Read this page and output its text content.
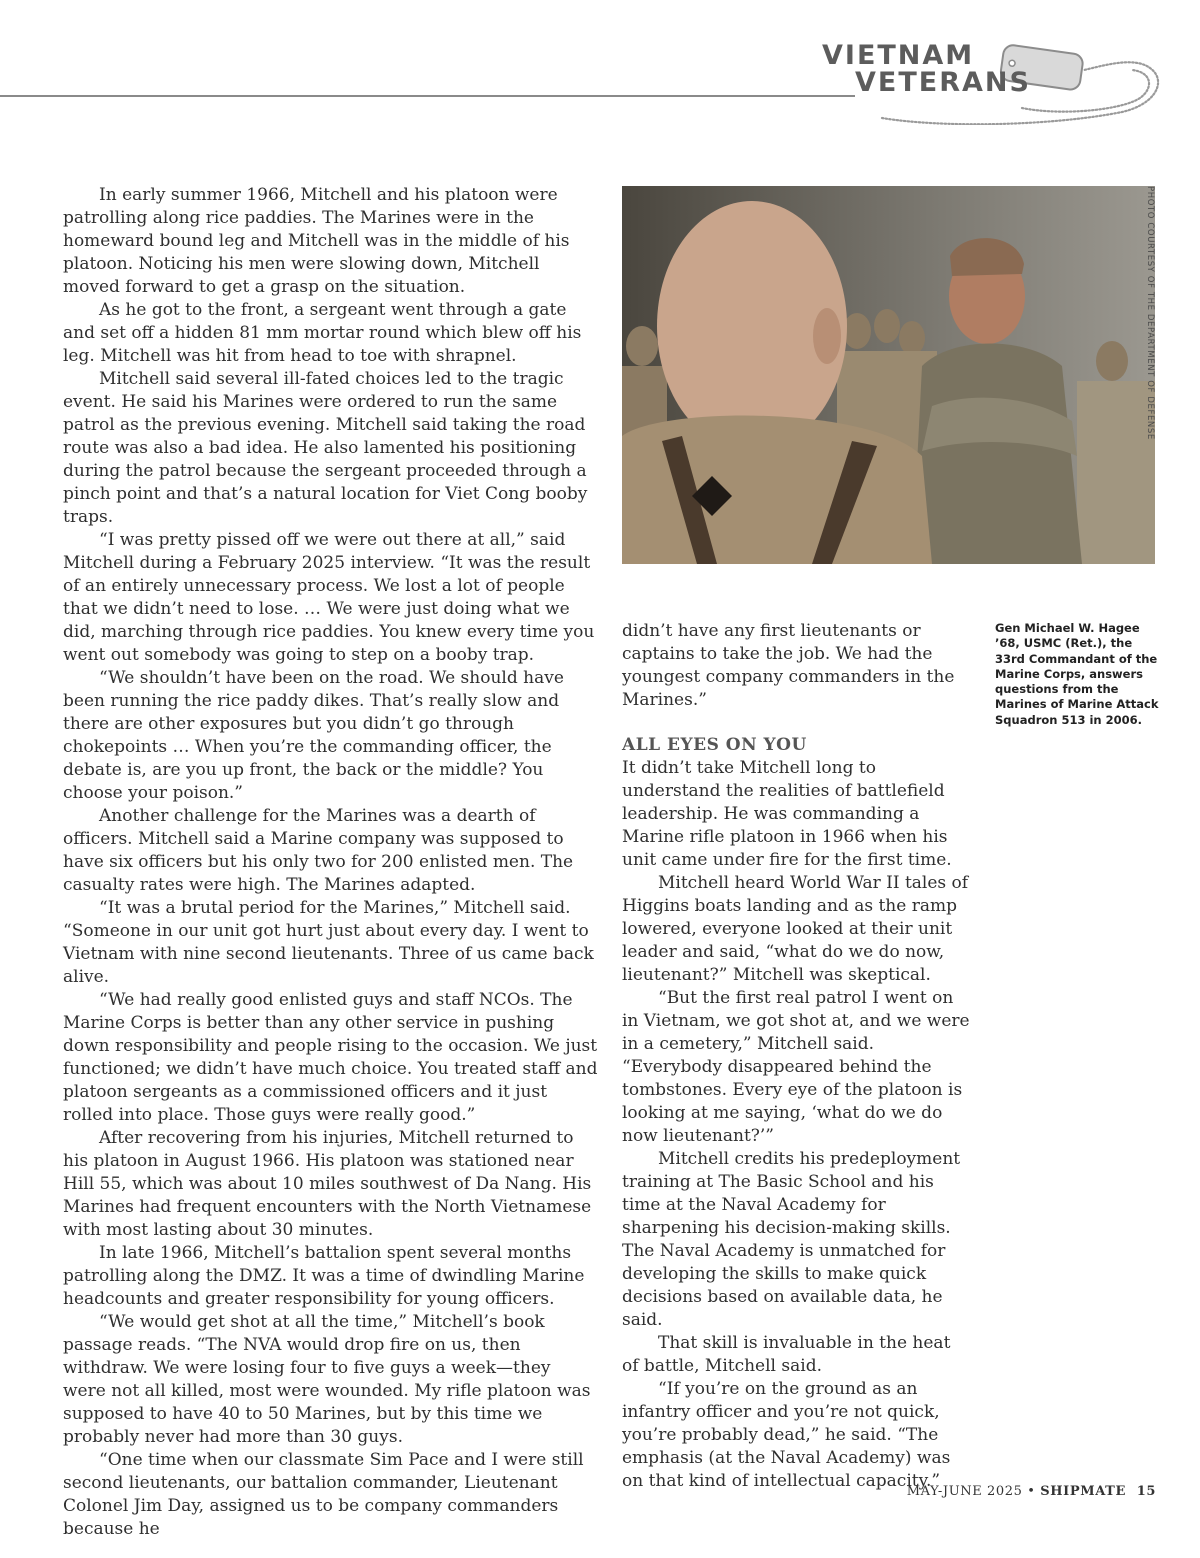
VIETNAM
VETERANS

In early summer 1966, Mitchell and his platoon were patrolling along rice paddies. The Marines were in the homeward bound leg and Mitchell was in the middle of his platoon. Noticing his men were slowing down, Mitchell moved forward to get a grasp on the situation.

As he got to the front, a sergeant went through a gate and set off a hidden 81 mm mortar round which blew off his leg. Mitchell was hit from head to toe with shrapnel.

Mitchell said several ill-fated choices led to the tragic event. He said his Marines were ordered to run the same patrol as the previous evening. Mitchell said taking the road route was also a bad idea. He also lamented his positioning during the patrol because the sergeant proceeded through a pinch point and that’s a natural location for Viet Cong booby traps.

“I was pretty pissed off we were out there at all,” said Mitchell during a February 2025 interview. “It was the result of an entirely unnecessary process. We lost a lot of people that we didn’t need to lose. … We were just doing what we did, marching through rice paddies. You knew every time you went out somebody was going to step on a booby trap.

“We shouldn’t have been on the road. We should have been running the rice paddy dikes. That’s really slow and there are other exposures but you didn’t go through chokepoints … When you’re the commanding officer, the debate is, are you up front, the back or the middle? You choose your poison.”

Another challenge for the Marines was a dearth of officers. Mitchell said a Marine company was supposed to have six officers but his only two for 200 enlisted men. The casualty rates were high. The Marines adapted.

“It was a brutal period for the Marines,” Mitchell said. “Someone in our unit got hurt just about every day. I went to Vietnam with nine second lieutenants. Three of us came back alive.

“We had really good enlisted guys and staff NCOs. The Marine Corps is better than any other service in pushing down responsibility and people rising to the occasion. We just functioned; we didn’t have much choice. You treated staff and platoon sergeants as a commissioned officers and it just rolled into place. Those guys were really good.”

After recovering from his injuries, Mitchell returned to his platoon in August 1966. His platoon was stationed near Hill 55, which was about 10 miles southwest of Da Nang. His Marines had frequent encounters with the North Vietnamese with most lasting about 30 minutes.

In late 1966, Mitchell’s battalion spent several months patrolling along the DMZ. It was a time of dwindling Marine headcounts and greater responsibility for young officers.

“We would get shot at all the time,” Mitchell’s book passage reads. “The NVA would drop fire on us, then withdraw. We were losing four to five guys a week—they were not all killed, most were wounded. My rifle platoon was supposed to have 40 to 50 Marines, but by this time we probably never had more than 30 guys.

“One time when our classmate Sim Pace and I were still second lieutenants, our battalion commander, Lieutenant Colonel Jim Day, assigned us to be company commanders because he

PHOTO COURTESY OF THE DEPARTMENT OF DEFENSE
Gen Michael W. Hagee ’68, USMC (Ret.), the 33rd Commandant of the Marine Corps, answers questions from the Marines of Marine Attack Squadron 513 in 2006.

didn’t have any first lieutenants or captains to take the job. We had the youngest company commanders in the Marines.”

ALL EYES ON YOU

It didn’t take Mitchell long to understand the realities of battlefield leadership. He was commanding a Marine rifle platoon in 1966 when his unit came under fire for the first time.

Mitchell heard World War II tales of Higgins boats landing and as the ramp lowered, everyone looked at their unit leader and said, “what do we do now, lieutenant?” Mitchell was skeptical.

“But the first real patrol I went on in Vietnam, we got shot at, and we were in a cemetery,” Mitchell said. “Everybody disappeared behind the tombstones. Every eye of the platoon is looking at me saying, ‘what do we do now lieutenant?’”

Mitchell credits his predeployment training at The Basic School and his time at the Naval Academy for sharpening his decision-making skills. The Naval Academy is unmatched for developing the skills to make quick decisions based on available data, he said.

That skill is invaluable in the heat of battle, Mitchell said.

“If you’re on the ground as an infantry officer and you’re not quick, you’re probably dead,” he said. “The emphasis (at the Naval Academy) was on that kind of intellectual capacity.”

MAY-JUNE 2025 • SHIPMATE 15
